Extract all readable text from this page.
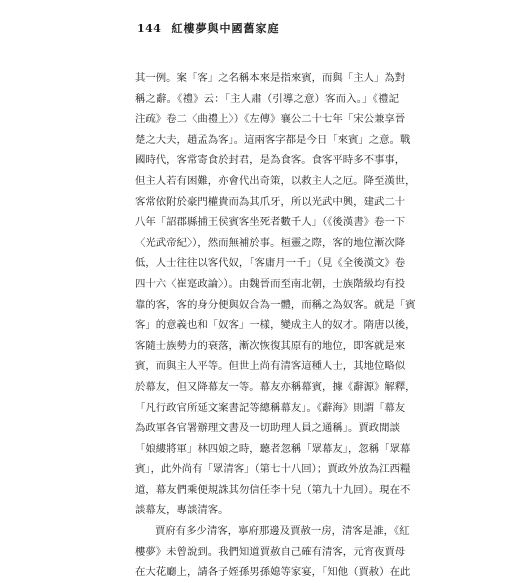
144 紅樓夢與中國舊家庭
其一例。案「客」之名稱本來是指來賓，而與「主人」為對
稱之辭。《禮》云：「主人肅（引導之意）客而入。」《禮記
注疏》卷二〈曲禮上〉）《左傳》襄公二十七年「宋公兼享晉
楚之大夫，趙孟為客」。這兩客字都是今日「來賓」之意。戰
國時代，客常寄食於封君，是為食客。食客平時多不事事，
但主人若有困難，亦會代出奇策，以救主人之厄。降至漢世，
客常依附於豪門權貴而為其爪牙，所以光武中興，建武二十
八年「詔郡縣捕王侯賓客坐死者數千人」（《後漢書》卷一下
〈光武帝紀〉），然而無補於事。桓靈之際，客的地位漸次降
低，人士往往以客代奴，「客庸月一千」（見《全後漢文》卷
四十六〈崔寔政論〉）。由魏晉而至南北朝，士族階級均有投
靠的客，客的身分便與奴合為一體，而稱之為奴客。就是「賓
客」的意義也和「奴客」一樣，變成主人的奴才。隋唐以後，
客隨士族勢力的衰落，漸次恢復其原有的地位，即客就是來
賓，而與主人平等。但世上尚有清客這種人士，其地位略似
於幕友，但又降幕友一等。幕友亦稱幕賓，據《辭源》解釋，
「凡行政官所延文案書記等總稱幕友」。《辭海》則謂「幕友
為政軍各官署辦理文書及一切助理人員之通稱」。賈政閒談
「娘縷將軍」林四娘之時，聽者忽稱「眾幕友」，忽稱「眾幕
賓」，此外尚有「眾清客」（第七十八回）；賈政外放為江西糧
道，幕友們乘便規誅其勿信任李十兒（第九十九回）。現在不
談幕友，專談清客。
賈府有多少清客，寧府那邊及賈赦一房，清客是誰，《紅
樓夢》未曾說到。我們知道賈赦自己確有清客，元宵夜賈母
在大花廳上，請各子姪孫男孫媳等家宴，「知他（賈赦）在此
